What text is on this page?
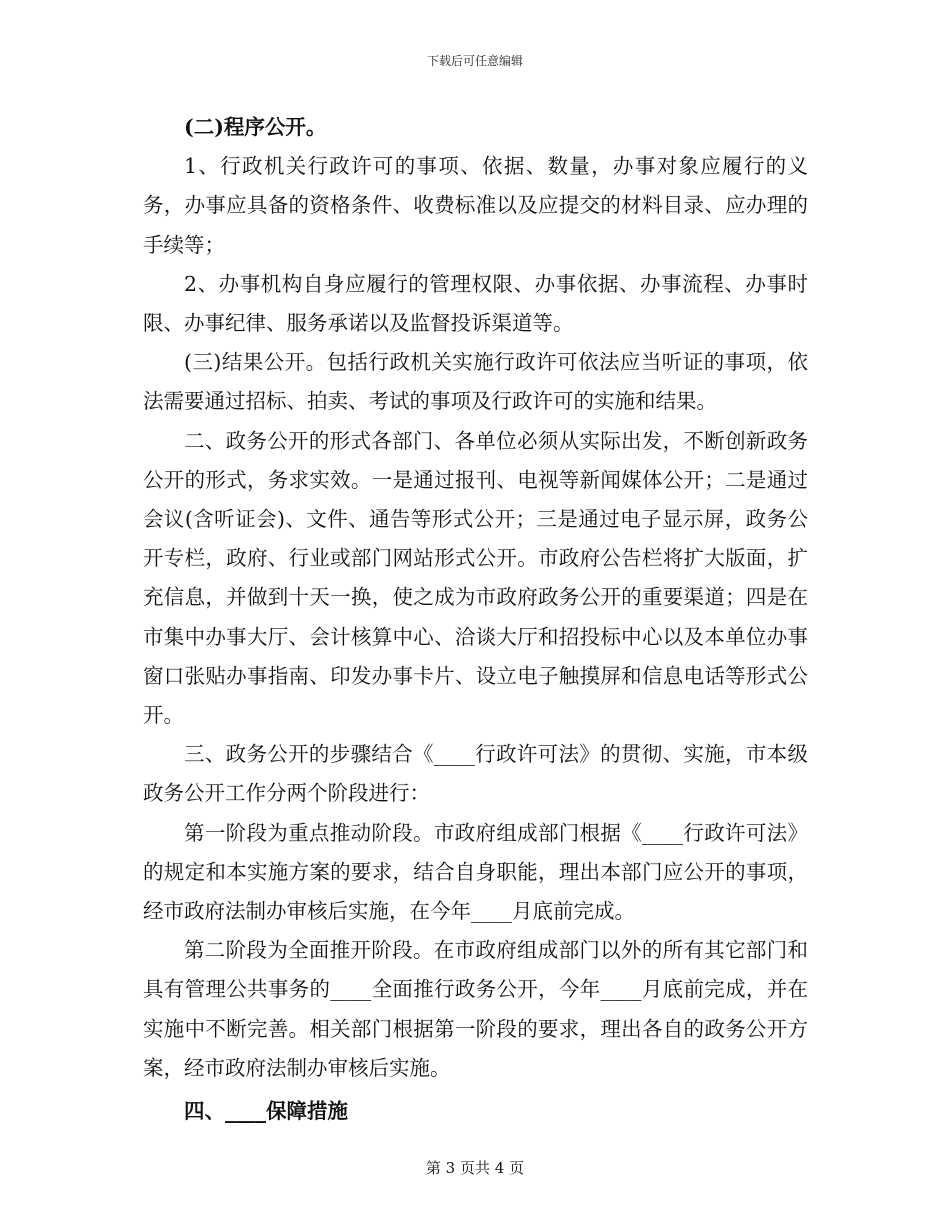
下载后可任意编辑

(二)程序公开。

1、行政机关行政许可的事项、依据、数量，办事对象应履行的义务，办事应具备的资格条件、收费标准以及应提交的材料目录、应办理的手续等；

2、办事机构自身应履行的管理权限、办事依据、办事流程、办事时限、办事纪律、服务承诺以及监督投诉渠道等。

(三)结果公开。包括行政机关实施行政许可依法应当听证的事项，依法需要通过招标、拍卖、考试的事项及行政许可的实施和结果。

二、政务公开的形式各部门、各单位必须从实际出发，不断创新政务公开的形式，务求实效。一是通过报刊、电视等新闻媒体公开；二是通过会议(含听证会)、文件、通告等形式公开；三是通过电子显示屏，政务公开专栏，政府、行业或部门网站形式公开。市政府公告栏将扩大版面，扩充信息，并做到十天一换，使之成为市政府政务公开的重要渠道；四是在市集中办事大厅、会计核算中心、洽谈大厅和招投标中心以及本单位办事窗口张贴办事指南、印发办事卡片、设立电子触摸屏和信息电话等形式公开。

三、政务公开的步骤结合《____行政许可法》的贯彻、实施，市本级政务公开工作分两个阶段进行：

第一阶段为重点推动阶段。市政府组成部门根据《____行政许可法》的规定和本实施方案的要求，结合自身职能，理出本部门应公开的事项，经市政府法制办审核后实施，在今年____月底前完成。

第二阶段为全面推开阶段。在市政府组成部门以外的所有其它部门和具有管理公共事务的____全面推行政务公开，今年____月底前完成，并在实施中不断完善。相关部门根据第一阶段的要求，理出各自的政务公开方案，经市政府法制办审核后实施。

四、____保障措施

第 3 页共 4 页
